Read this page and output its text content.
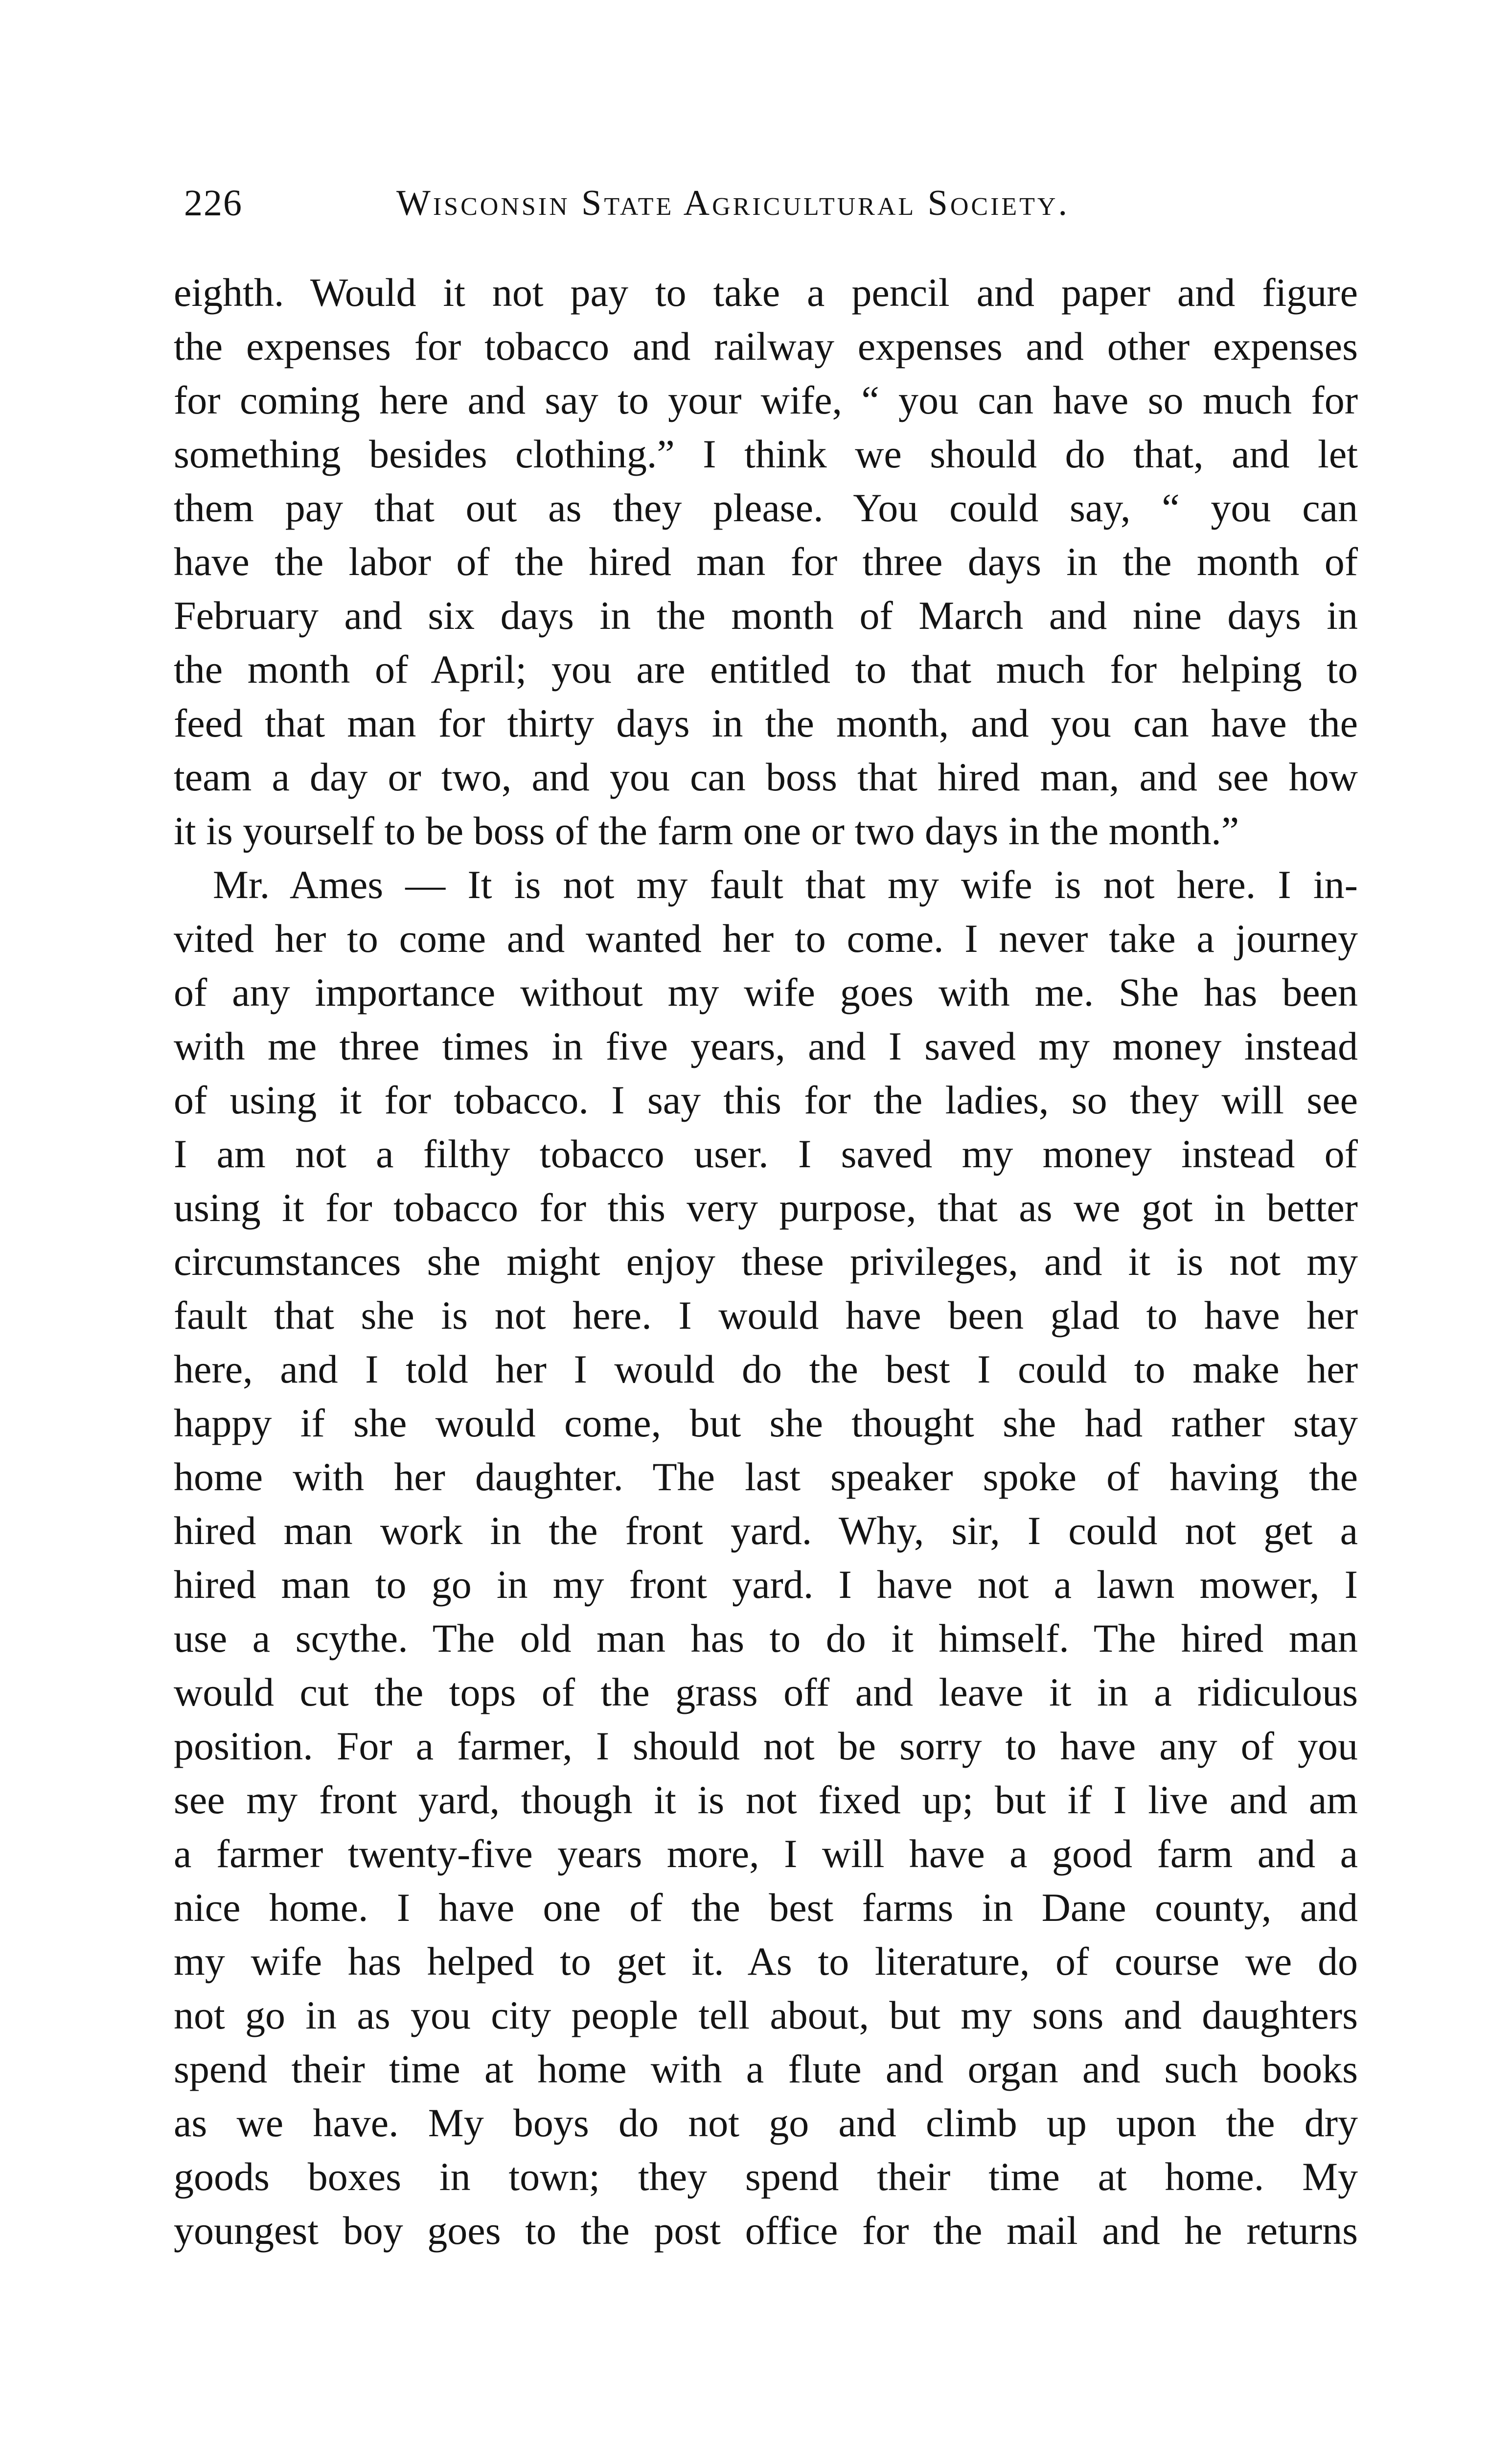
226	Wisconsin State Agricultural Society.
eighth. Would it not pay to take a pencil and paper and figure
the expenses for tobacco and railway expenses and other expenses
for coming here and say to your wife, “ you can have so much for
something besides clothing.” I think we should do that, and let
them pay that out as they please. You could say, “ you can
have the labor of the hired man for three days in the month of
February and six days in the month of March and nine days in
the month of April; you are entitled to that much for helping to
feed that man for thirty days in the month, and you can have the
team a day or two, and you can boss that hired man, and see how
it is yourself to be boss of the farm one or two days in the month.”
Mr. Ames — It is not my fault that my wife is not here. I in-
vited her to come and wanted her to come. I never take a journey
of any importance without my wife goes with me. She has been
with me three times in five years, and I saved my money instead
of using it for tobacco. I say this for the ladies, so they will see
I am not a filthy tobacco user. I saved my money instead of
using it for tobacco for this very purpose, that as we got in better
circumstances she might enjoy these privileges, and it is not my
fault that she is not here. I would have been glad to have her
here, and I told her I would do the best I could to make her
happy if she would come, but she thought she had rather stay
home with her daughter. The last speaker spoke of having the
hired man work in the front yard. Why, sir, I could not get a
hired man to go in my front yard. I have not a lawn mower, I
use a scythe. The old man has to do it himself. The hired man
would cut the tops of the grass off and leave it in a ridiculous
position. For a farmer, I should not be sorry to have any of you
see my front yard, though it is not fixed up; but if I live and am
a farmer twenty-five years more, I will have a good farm and a
nice home. I have one of the best farms in Dane county, and
my wife has helped to get it. As to literature, of course we do
not go in as you city people tell about, but my sons and daughters
spend their time at home with a flute and organ and such books
as we have. My boys do not go and climb up upon the dry
goods boxes in town; they spend their time at home. My
youngest boy goes to the post office for the mail and he returns
